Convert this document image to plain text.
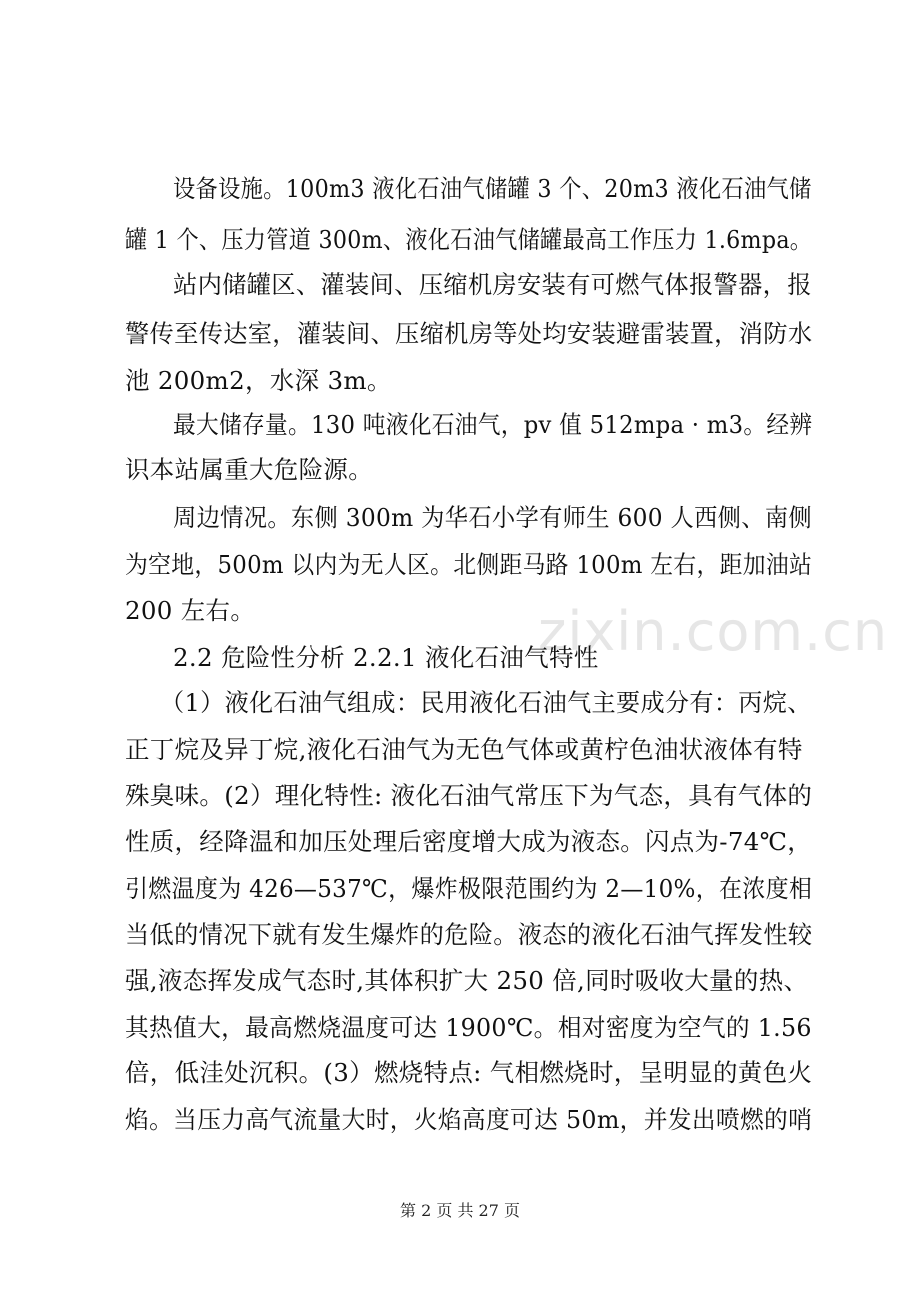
zixin.com.cn
设备设施。100m3 液化石油气储罐 3 个、20m3 液化石油气储
罐 1 个、压力管道 300m、液化石油气储罐最高工作压力 1.6mpa。
站内储罐区、灌装间、压缩机房安装有可燃气体报警器，报
警传至传达室，灌装间、压缩机房等处均安装避雷装置，消防水
池 200m2，水深 3m。
最大储存量。130 吨液化石油气，pv 值 512mpa · m3。经辨
识本站属重大危险源。
周边情况。东侧 300m 为华石小学有师生 600 人西侧、南侧
为空地，500m 以内为无人区。北侧距马路 100m 左右，距加油站
200 左右。
2.2 危险性分析 2.2.1 液化石油气特性
（1）液化石油气组成：民用液化石油气主要成分有：丙烷、
正丁烷及异丁烷,液化石油气为无色气体或黄柠色油状液体有特
殊臭味。(2）理化特性: 液化石油气常压下为气态，具有气体的
性质，经降温和加压处理后密度增大成为液态。闪点为-74℃，
引燃温度为 426—537℃，爆炸极限范围约为 2—10%，在浓度相
当低的情况下就有发生爆炸的危险。液态的液化石油气挥发性较
强,液态挥发成气态时,其体积扩大 250 倍,同时吸收大量的热、
其热值大，最高燃烧温度可达 1900℃。相对密度为空气的 1.56
倍，低洼处沉积。(3）燃烧特点: 气相燃烧时，呈明显的黄色火
焰。当压力高气流量大时，火焰高度可达 50m，并发出喷燃的哨
第 2 页 共 27 页
